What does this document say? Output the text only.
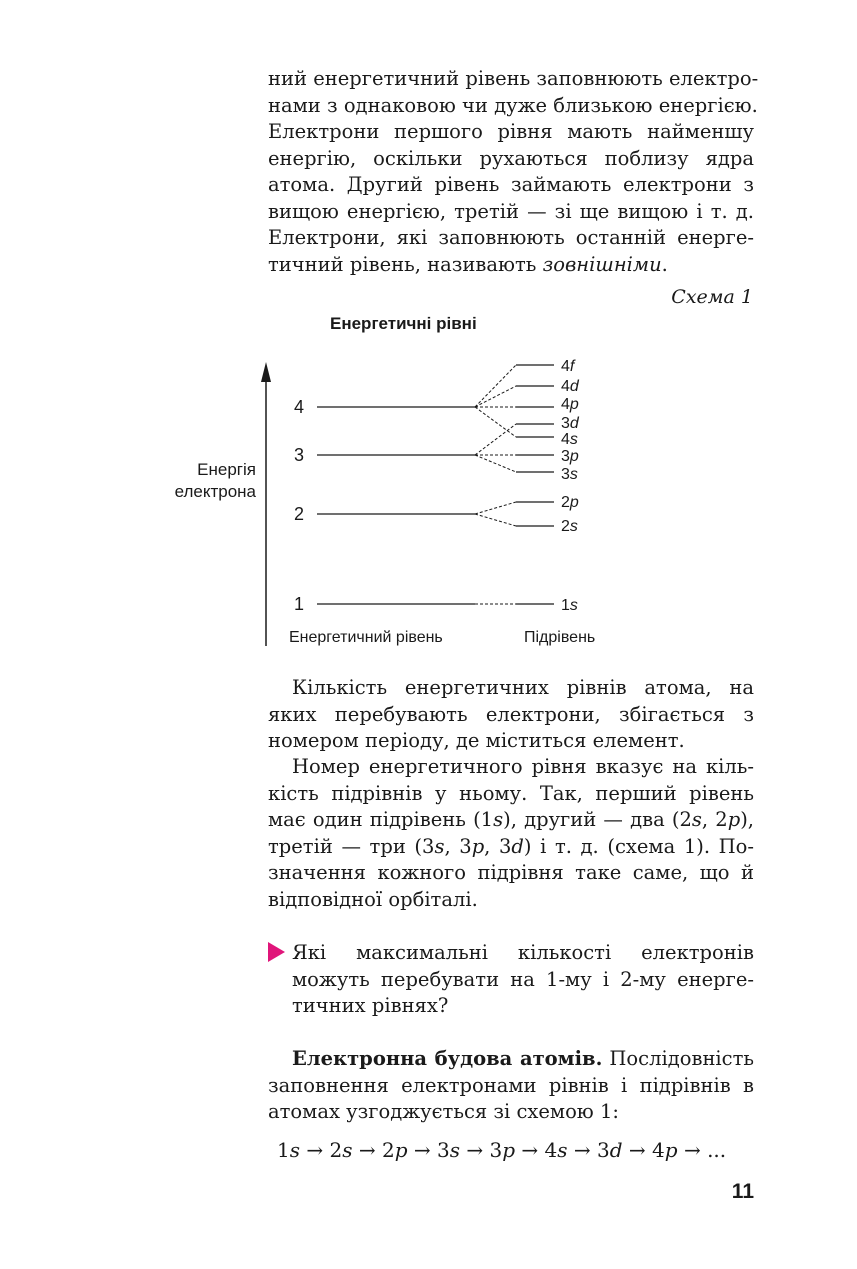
ний енергетичний рівень заповнюють електро-
нами з однаковою чи дуже близькою енергією.
Електрони першого рівня мають найменшу
енергію, оскільки рухаються поблизу ядра
атома. Другий рівень займають електрони з
вищою енергією, третій — зі ще вищою і т. д.
Електрони, які заповнюють останній енерге-
тичний рівень, називають зовнішніми.
Схема 1
Енергетичні рівні
Енергія
електрона
4
3
2
1
4f
4d
4p
3d
4s
3p
3s
2p
2s
1s
Енергетичний рівень	Підрівень
Кількість енергетичних рівнів атома, на
яких перебувають електрони, збігається з
номером періоду, де міститься елемент.
Номер енергетичного рівня вказує на кіль-
кість підрівнів у ньому. Так, перший рівень
має один підрівень (1s), другий — два (2s, 2p),
третій — три (3s, 3p, 3d) і т. д. (схема 1). По-
значення кожного підрівня таке саме, що й
відповідної орбіталі.
Які максимальні кількості електронів
можуть перебувати на 1-му і 2-му енерге-
тичних рівнях?
Електронна будова атомів. Послідовність
заповнення електронами рівнів і підрівнів в
атомах узгоджується зі схемою 1:
1s → 2s → 2p → 3s → 3p → 4s → 3d → 4p → ...
11
